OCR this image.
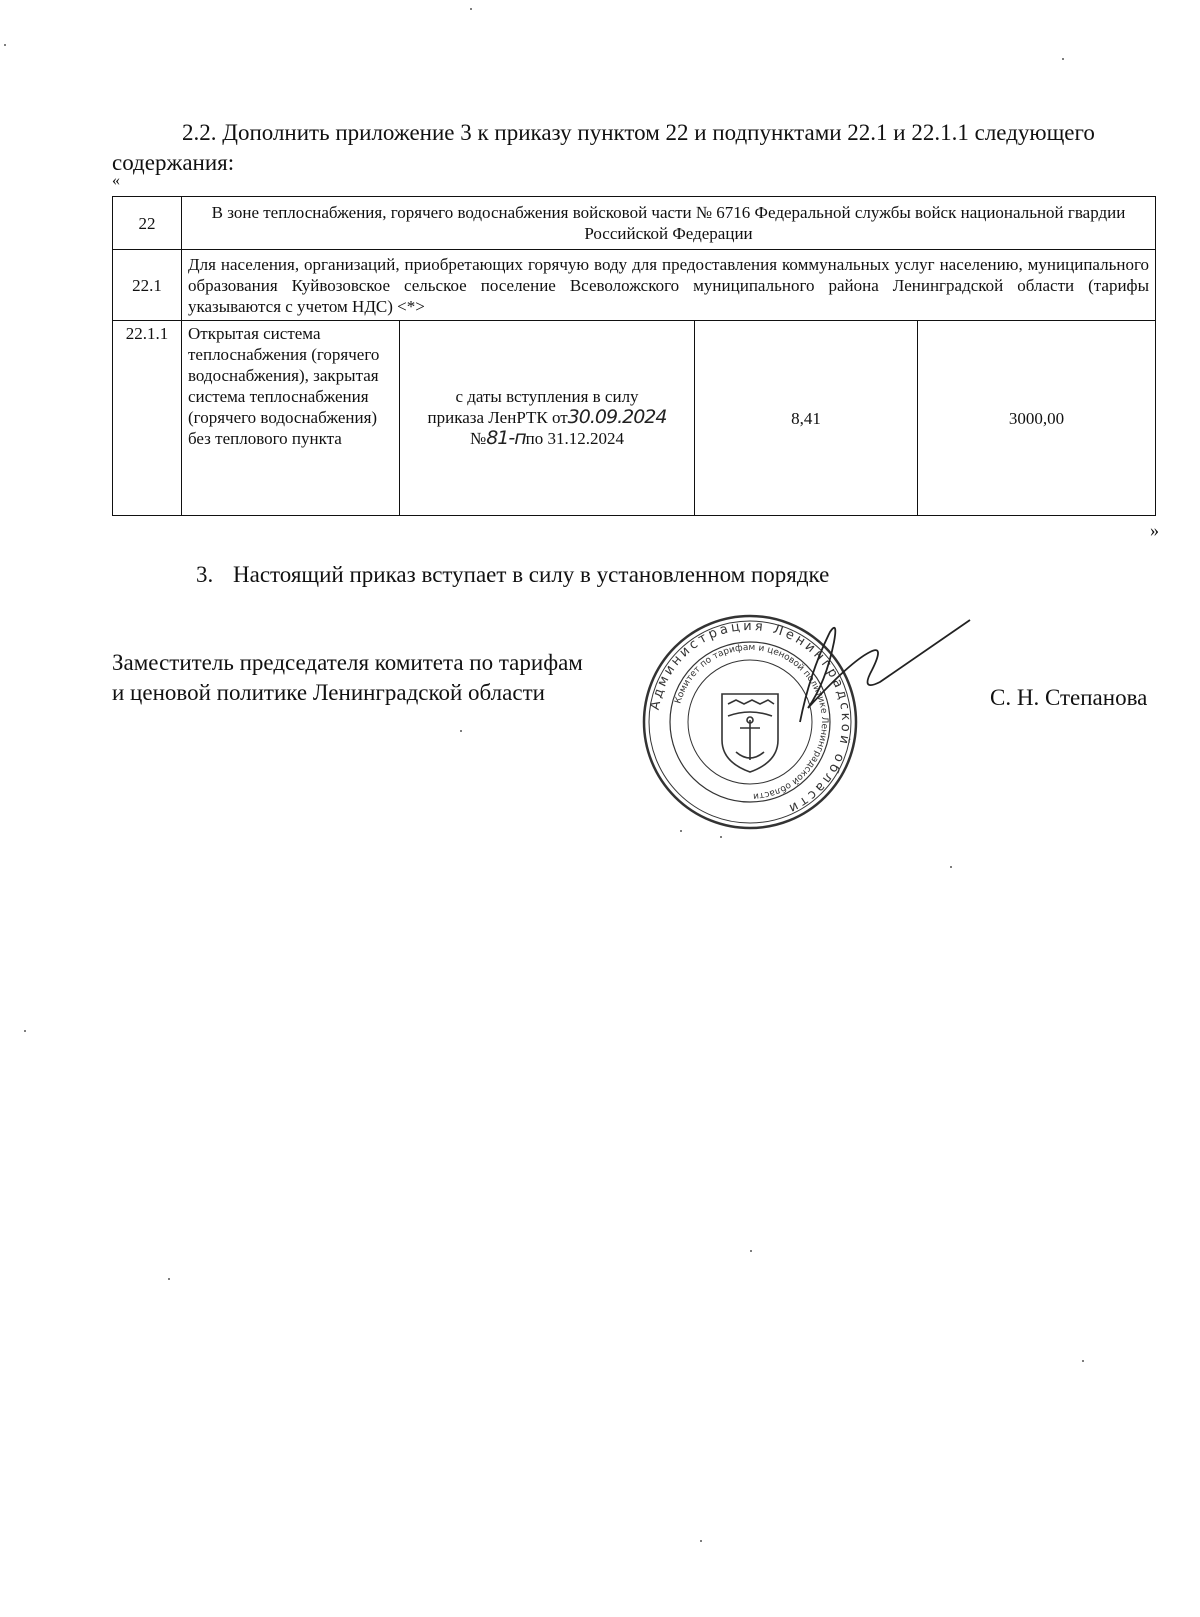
2.2. Дополнить приложение 3 к приказу пунктом 22 и подпунктами 22.1 и 22.1.1 следующего содержания:
«
22	В зоне теплоснабжения, горячего водоснабжения войсковой части № 6716 Федеральной службы войск национальной гвардии Российской Федерации			
22.1	Для населения, организаций, приобретающих горячую воду для предоставления коммунальных услуг населению, муниципального образования Куйвозовское сельское поселение Всеволожского муниципального района Ленинградской области (тарифы указываются с учетом НДС) <*>			
22.1.1	Открытая система теплоснабжения (горячего водоснабжения), закрытая система теплоснабжения (горячего водоснабжения) без теплового пункта	с даты вступления в силу
приказа ЛенРТК от30.09.2024
№81-ппо 31.12.2024	8,41	3000,00
»
3. Настоящий приказ вступает в силу в установленном порядке
Заместитель председателя комитета по тарифам
и ценовой политике Ленинградской области	Администрация Ленинградской области
Комитет по тарифам и ценовой политике Ленинградской области
С. Н. Степанова
